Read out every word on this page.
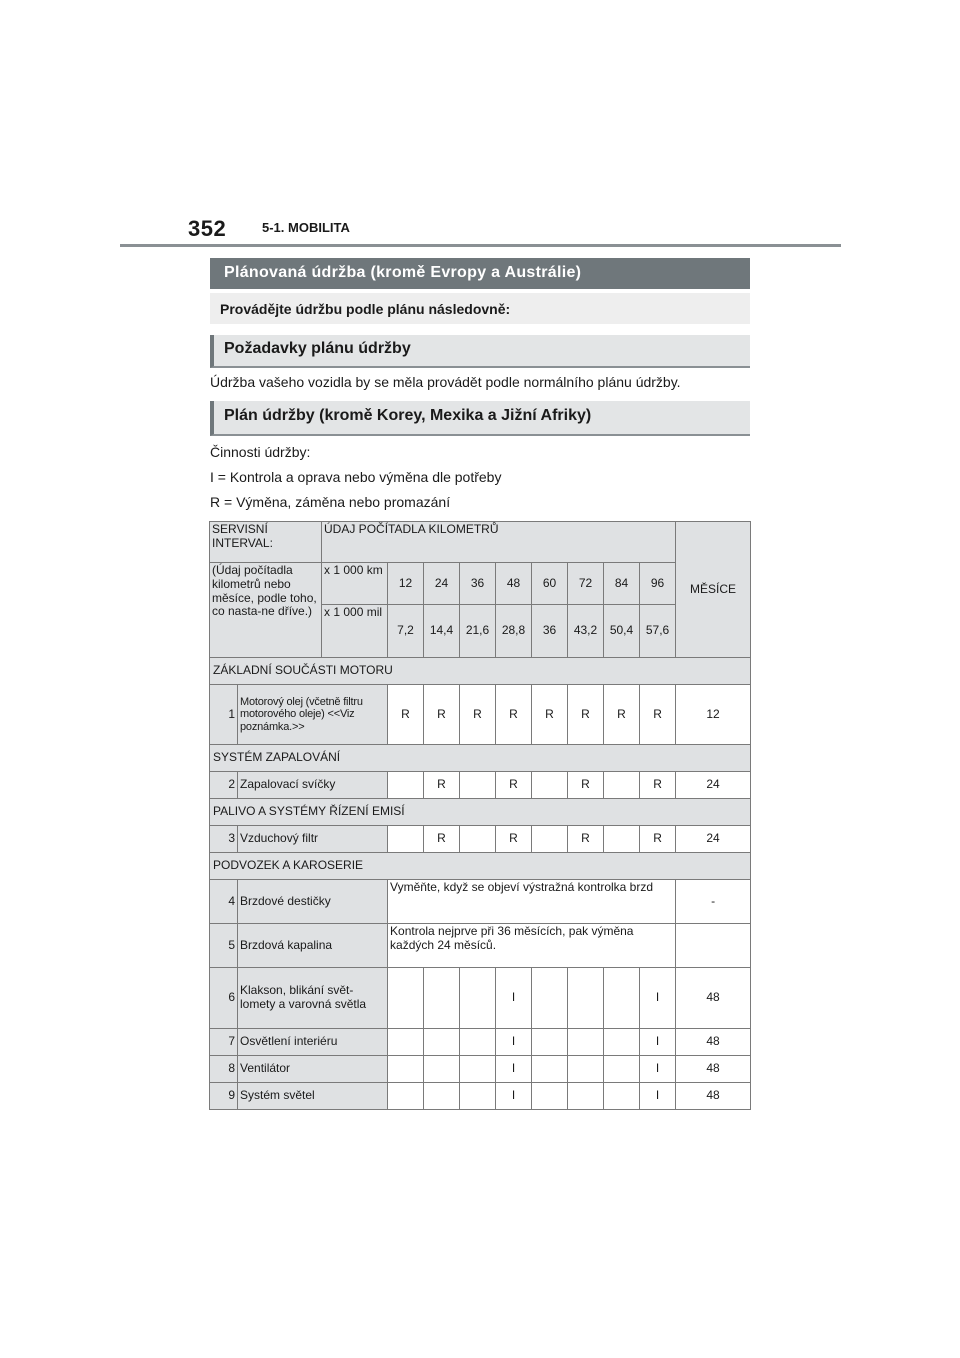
352	5-1. MOBILITA
Plánovaná údržba (kromě Evropy a Austrálie)
Provádějte údržbu podle plánu následovně:
Požadavky plánu údržby
Údržba vašeho vozidla by se měla provádět podle normálního plánu údržby.
Plán údržby (kromě Korey, Mexika a Jižní Afriky)
Činnosti údržby:
I = Kontrola a oprava nebo výměna dle potřeby
R = Výměna, záměna nebo promazání
SERVISNÍ INTERVAL:		ÚDAJ POČÍTADLA KILOMETRŮ									MĚSÍCE
(Údaj počítadla kilometrů nebo měsíce, podle toho, co nasta-ne dříve.)		x 1 000 km	12	24	36	48	60	72	84	96	
		x 1 000 mil	7,2	14,4	21,6	28,8	36	43,2	50,4	57,6	
ZÁKLADNÍ SOUČÁSTI MOTORU											
1	Motorový olej (včetně filtru motorového oleje) <<Viz poznámka.>>		R	R	R	R	R	R	R	R	12
SYSTÉM ZAPALOVÁNÍ											
2	Zapalovací svíčky			R		R		R		R	24
PALIVO A SYSTÉMY ŘÍZENÍ EMISÍ											
3	Vzduchový filtr			R		R		R		R	24
PODVOZEK A KAROSERIE											
4	Brzdové destičky		Vyměňte, když se objeví výstražná kontrolka brzd								-
5	Brzdová kapalina		Kontrola nejprve při 36 měsících, pak výměna každých 24 měsíců.								
6	Klakson, blikání svět-lomety a varovná světla					I				I	48
7	Osvětlení interiéru					I				I	48
8	Ventilátor					I				I	48
9	Systém světel					I				I	48
